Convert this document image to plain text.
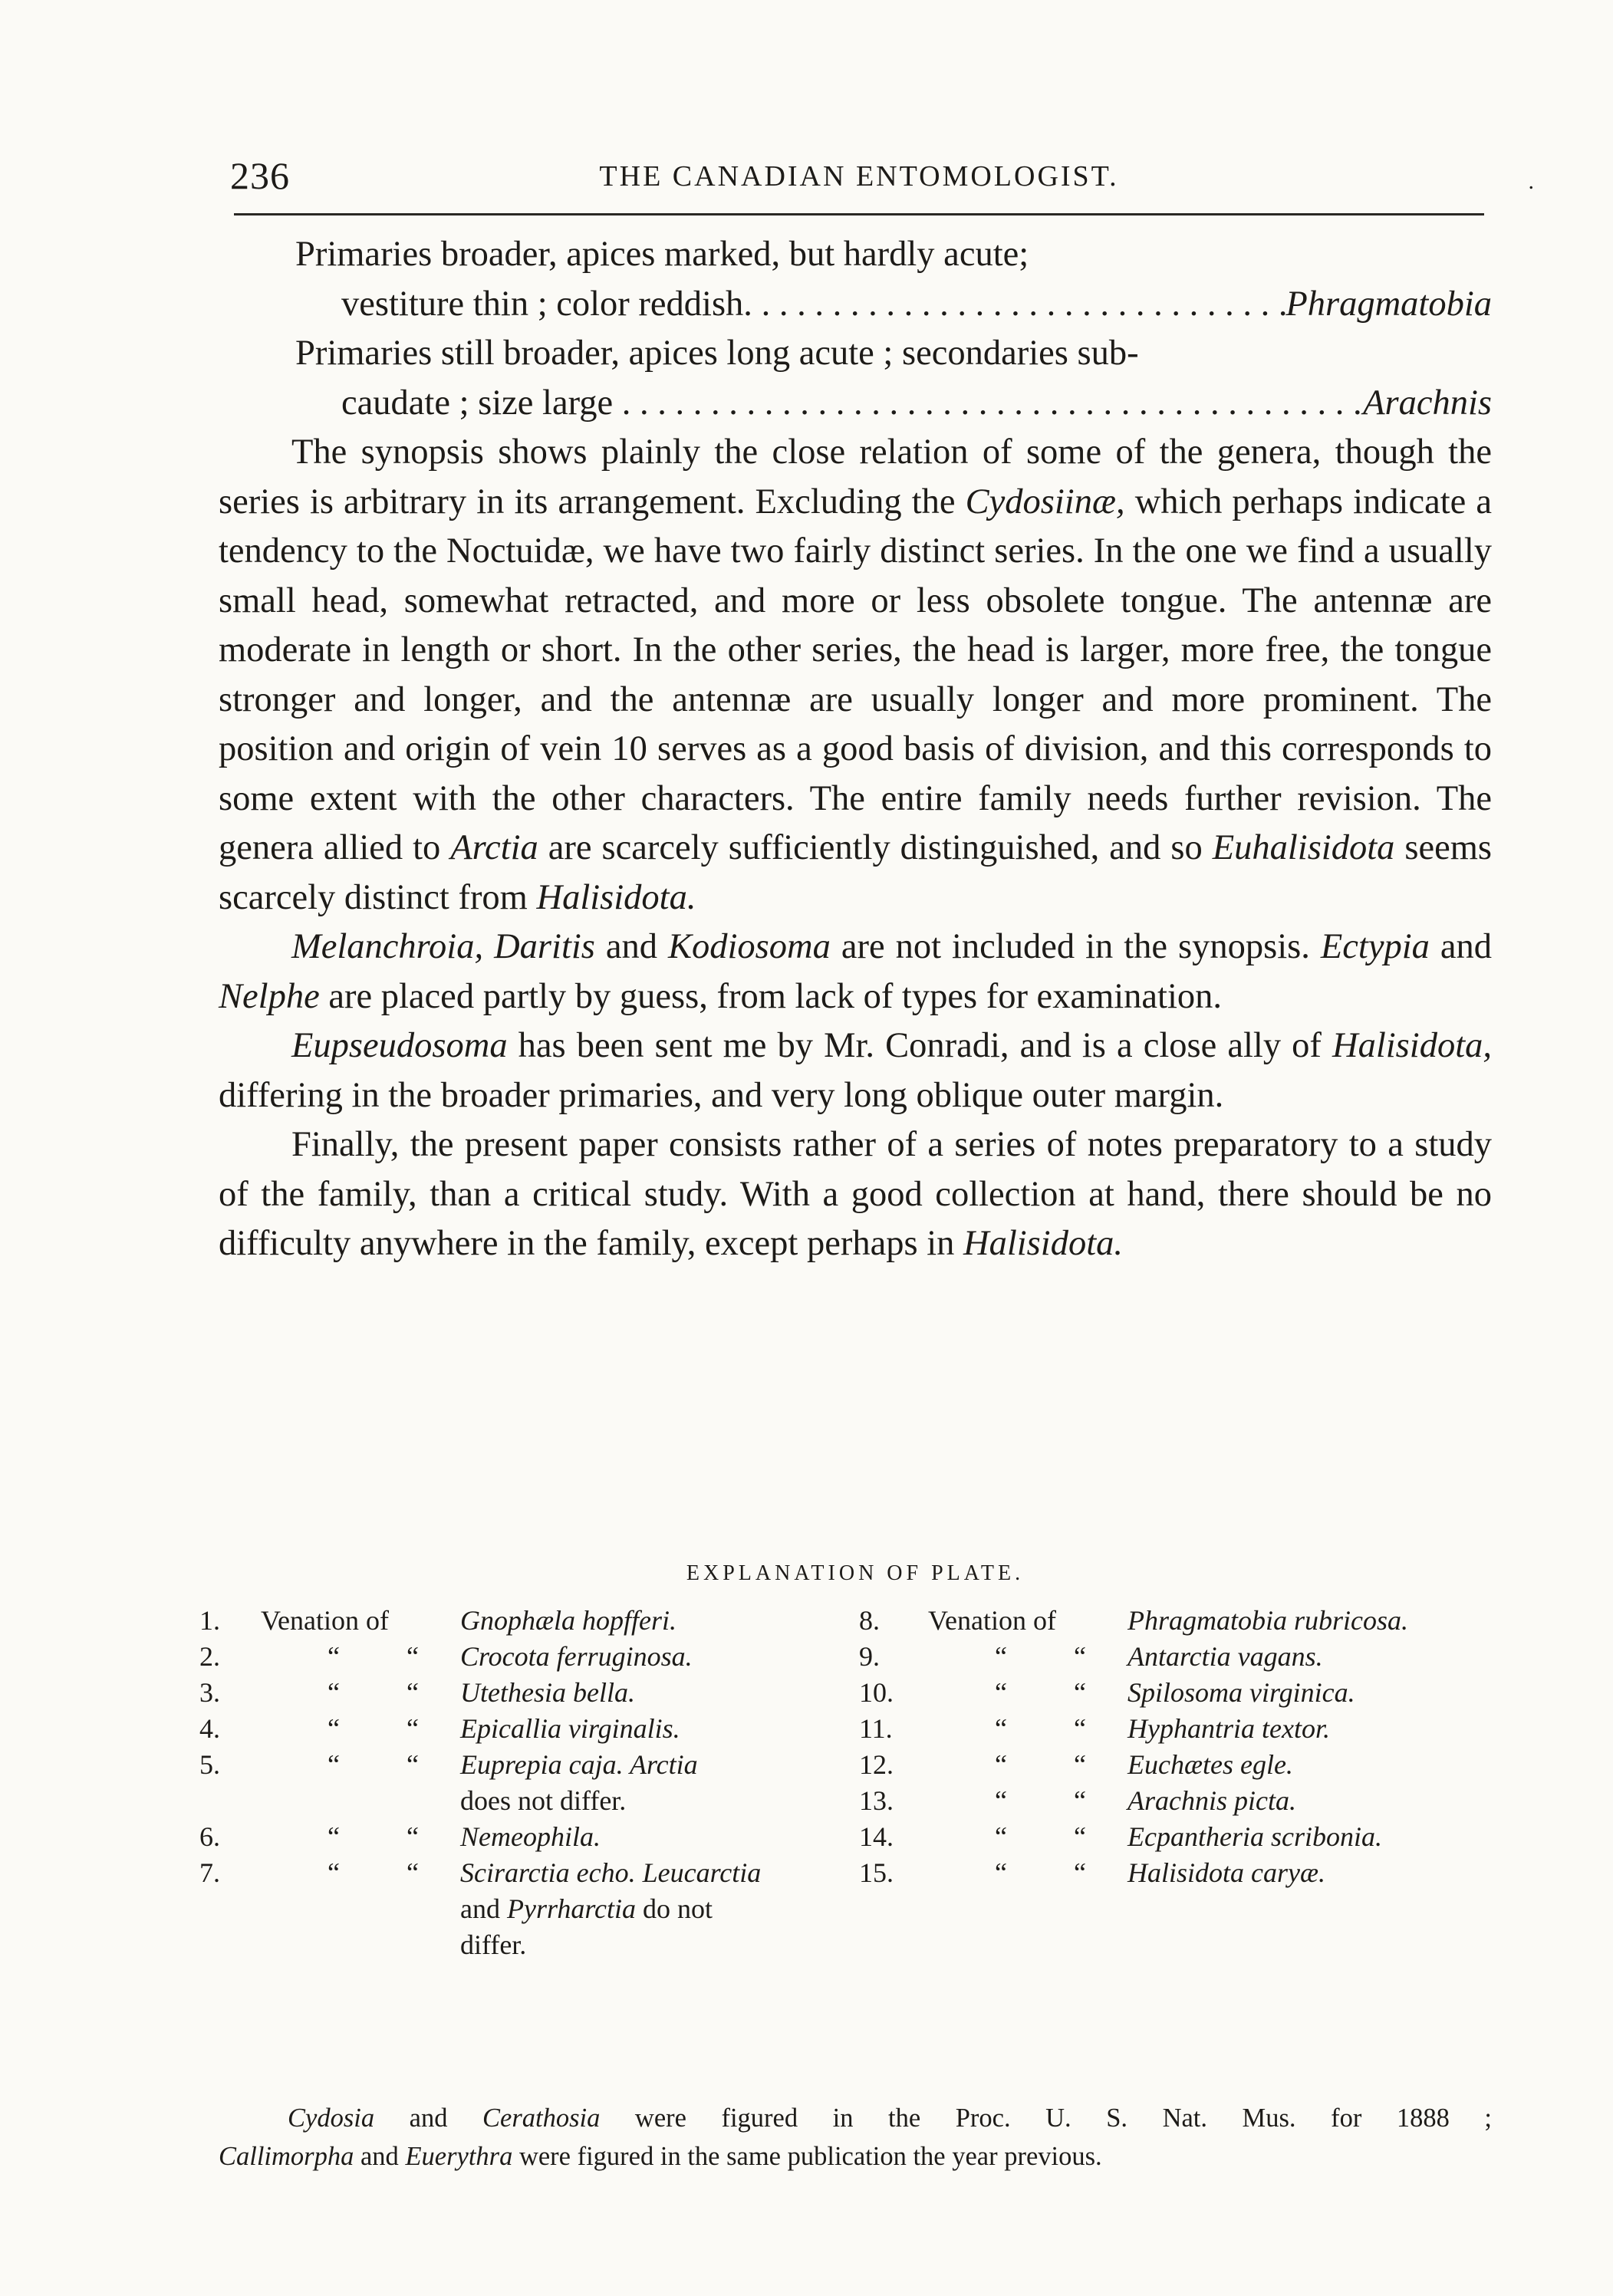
236	THE CANADIAN ENTOMOLOGIST.	.

Primaries broader, apices marked, but hardly acute;

vestiture thin ; color reddish. . . .	Phragmatobia

Primaries still broader, apices long acute ; secondaries sub-

caudate ; size large . . .	Arachnis

The synopsis shows plainly the close relation of some of the genera, though the series is arbitrary in its arrangement. Excluding the Cydosiinæ, which perhaps indicate a tendency to the Noctuidæ, we have two fairly distinct series. In the one we find a usually small head, somewhat retracted, and more or less obsolete tongue. The antennæ are moderate in length or short. In the other series, the head is larger, more free, the tongue stronger and longer, and the antennæ are usually longer and more prominent. The position and origin of vein 10 serves as a good basis of division, and this corresponds to some extent with the other characters. The entire family needs further revision. The genera allied to Arctia are scarcely sufficiently distinguished, and so Euhalisidota seems scarcely distinct from Halisidota.

Melanchroia, Daritis and Kodiosoma are not included in the synopsis. Ectypia and Nelphe are placed partly by guess, from lack of types for examination.

Eupseudosoma has been sent me by Mr. Conradi, and is a close ally of Halisidota, differing in the broader primaries, and very long oblique outer margin.

Finally, the present paper consists rather of a series of notes preparatory to a study of the family, than a critical study. With a good collection at hand, there should be no difficulty anywhere in the family, except perhaps in Halisidota.

EXPLANATION OF PLATE.
1.	Venation of	Gnophæla hopfferi.
2.	“ “	Crocota ferruginosa.
3.	“ “	Utethesia bella.
4.	“ “	Epicallia virginalis.
5.	“ “	Euprepia caja. Arctia
does not differ.
6.	“ “	Nemeophila.
7.	“ “	Scirarctia echo. Leucarctia
and Pyrrharctia do not
differ.
8.	Venation of	Phragmatobia rubricosa.
9.	“ “	Antarctia vagans.
10.	“ “	Spilosoma virginica.
11.	“ “	Hyphantria textor.
12.	“ “	Euchætes egle.
13.	“ “	Arachnis picta.
14.	“ “	Ecpantheria scribonia.
15.	“ “	Halisidota caryæ.
Cydosia and Cerathosia were figured in the Proc. U. S. Nat. Mus. for 1888 ;
Callimorpha and Euerythra were figured in the same publication the year previous.
